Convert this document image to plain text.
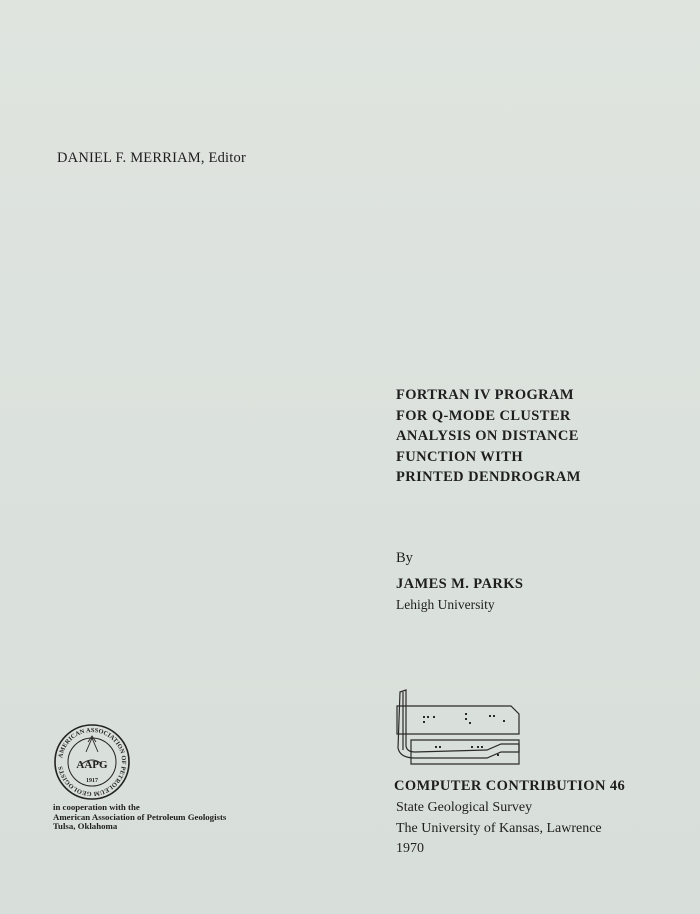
DANIEL F. MERRIAM, Editor
FORTRAN IV PROGRAM
FOR Q-MODE CLUSTER
ANALYSIS ON DISTANCE
FUNCTION WITH
PRINTED DENDROGRAM
By
JAMES M. PARKS
Lehigh University
COMPUTER CONTRIBUTION 46
State Geological Survey
The University of Kansas, Lawrence
1970
AMERICAN ASSOCIATION OF PETROLEUM GEOLOGISTS	AAPG
1917
in cooperation with the
American Association of Petroleum Geologists
Tulsa, Oklahoma
